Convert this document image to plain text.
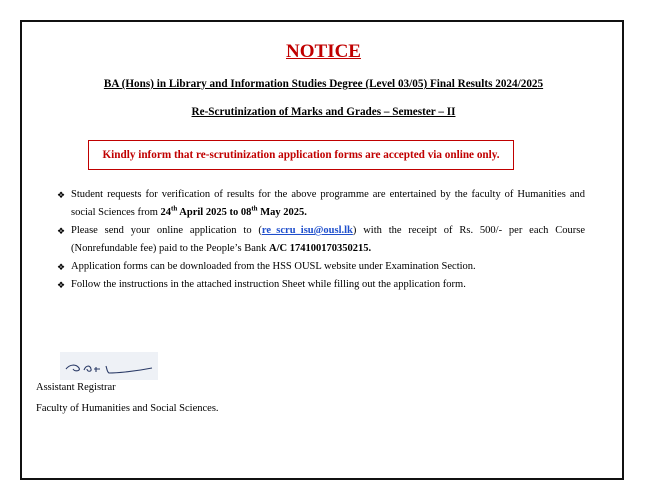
NOTICE
BA (Hons) in Library and Information Studies Degree (Level 03/05) Final Results 2024/2025
Re-Scrutinization of Marks and Grades – Semester – II
Kindly inform that re-scrutinization application forms are accepted via online only.
❖ Student requests for verification of results for the above programme are entertained by the faculty of Humanities and social Sciences from 24th April 2025 to 08th May 2025.
❖ Please send your online application to (re_scru_isu@ousl.lk) with the receipt of Rs. 500/- per each Course (Nonrefundable fee) paid to the People’s Bank A/C 174100170350215.
❖ Application forms can be downloaded from the HSS OUSL website under Examination Section.
❖ Follow the instructions in the attached instruction Sheet while filling out the application form.
Assistant Registrar
Faculty of Humanities and Social Sciences.
